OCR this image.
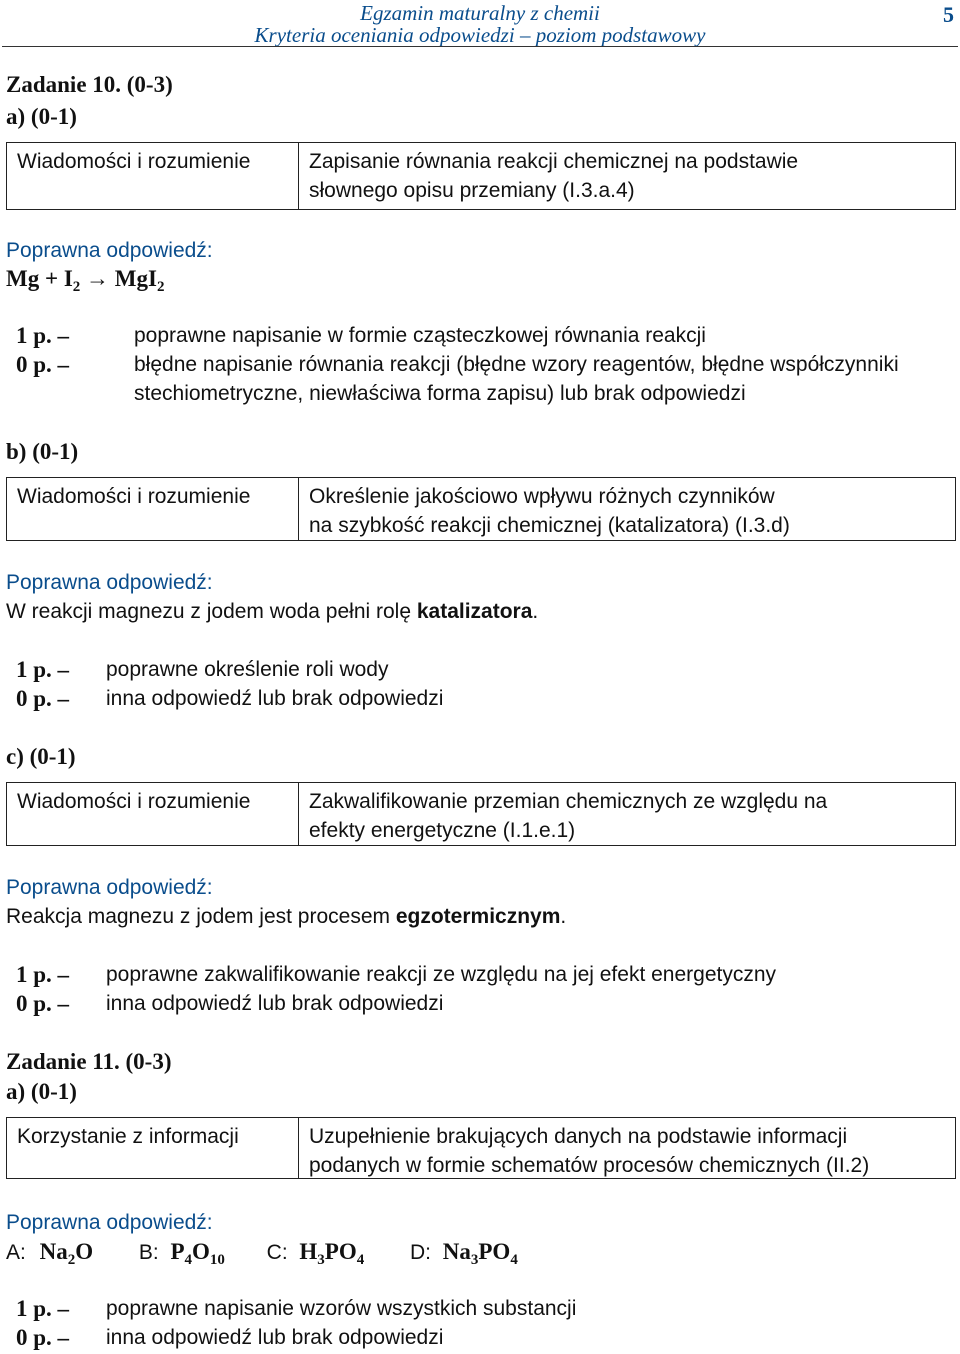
Egzamin maturalny z chemii
Kryteria oceniania odpowiedzi – poziom podstawowy
5
Zadanie 10. (0-3)
a) (0-1)
Wiadomości i rozumienie	Zapisanie równania reakcji chemicznej na podstawie
słownego opisu przemiany (I.3.a.4)
Poprawna odpowiedź:
$Mg + I_2 \to MgI_2$
1 p. –	poprawne napisanie w formie cząsteczkowej równania reakcji
0 p. –	błędne napisanie równania reakcji (błędne wzory reagentów, błędne współczynniki
stechiometryczne, niewłaściwa forma zapisu) lub brak odpowiedzi
b) (0-1)
Wiadomości i rozumienie	Określenie jakościowo wpływu różnych czynników
na szybkość reakcji chemicznej (katalizatora) (I.3.d)
Poprawna odpowiedź:
W reakcji magnezu z jodem woda pełni rolę katalizatora.
1 p. – poprawne określenie roli wody
0 p. – inna odpowiedź lub brak odpowiedzi
c) (0-1)
Wiadomości i rozumienie	Zakwalifikowanie przemian chemicznych ze względu na
efekty energetyczne (I.1.e.1)
Poprawna odpowiedź:
Reakcja magnezu z jodem jest procesem egzotermicznym.
1 p. – poprawne zakwalifikowanie reakcji ze względu na jej efekt energetyczny
0 p. – inna odpowiedź lub brak odpowiedzi
Zadanie 11. (0-3)
a) (0-1)
Korzystanie z informacji	Uzupełnienie brakujących danych na podstawie informacji
podanych w formie schematów procesów chemicznych (II.2)
Poprawna odpowiedź:
A: $Na_2O$ B: $P_4O_{10}$ C: $H_3PO_4$ D: $Na_3PO_4$
1 p. – poprawne napisanie wzorów wszystkich substancji
0 p. – inna odpowiedź lub brak odpowiedzi
